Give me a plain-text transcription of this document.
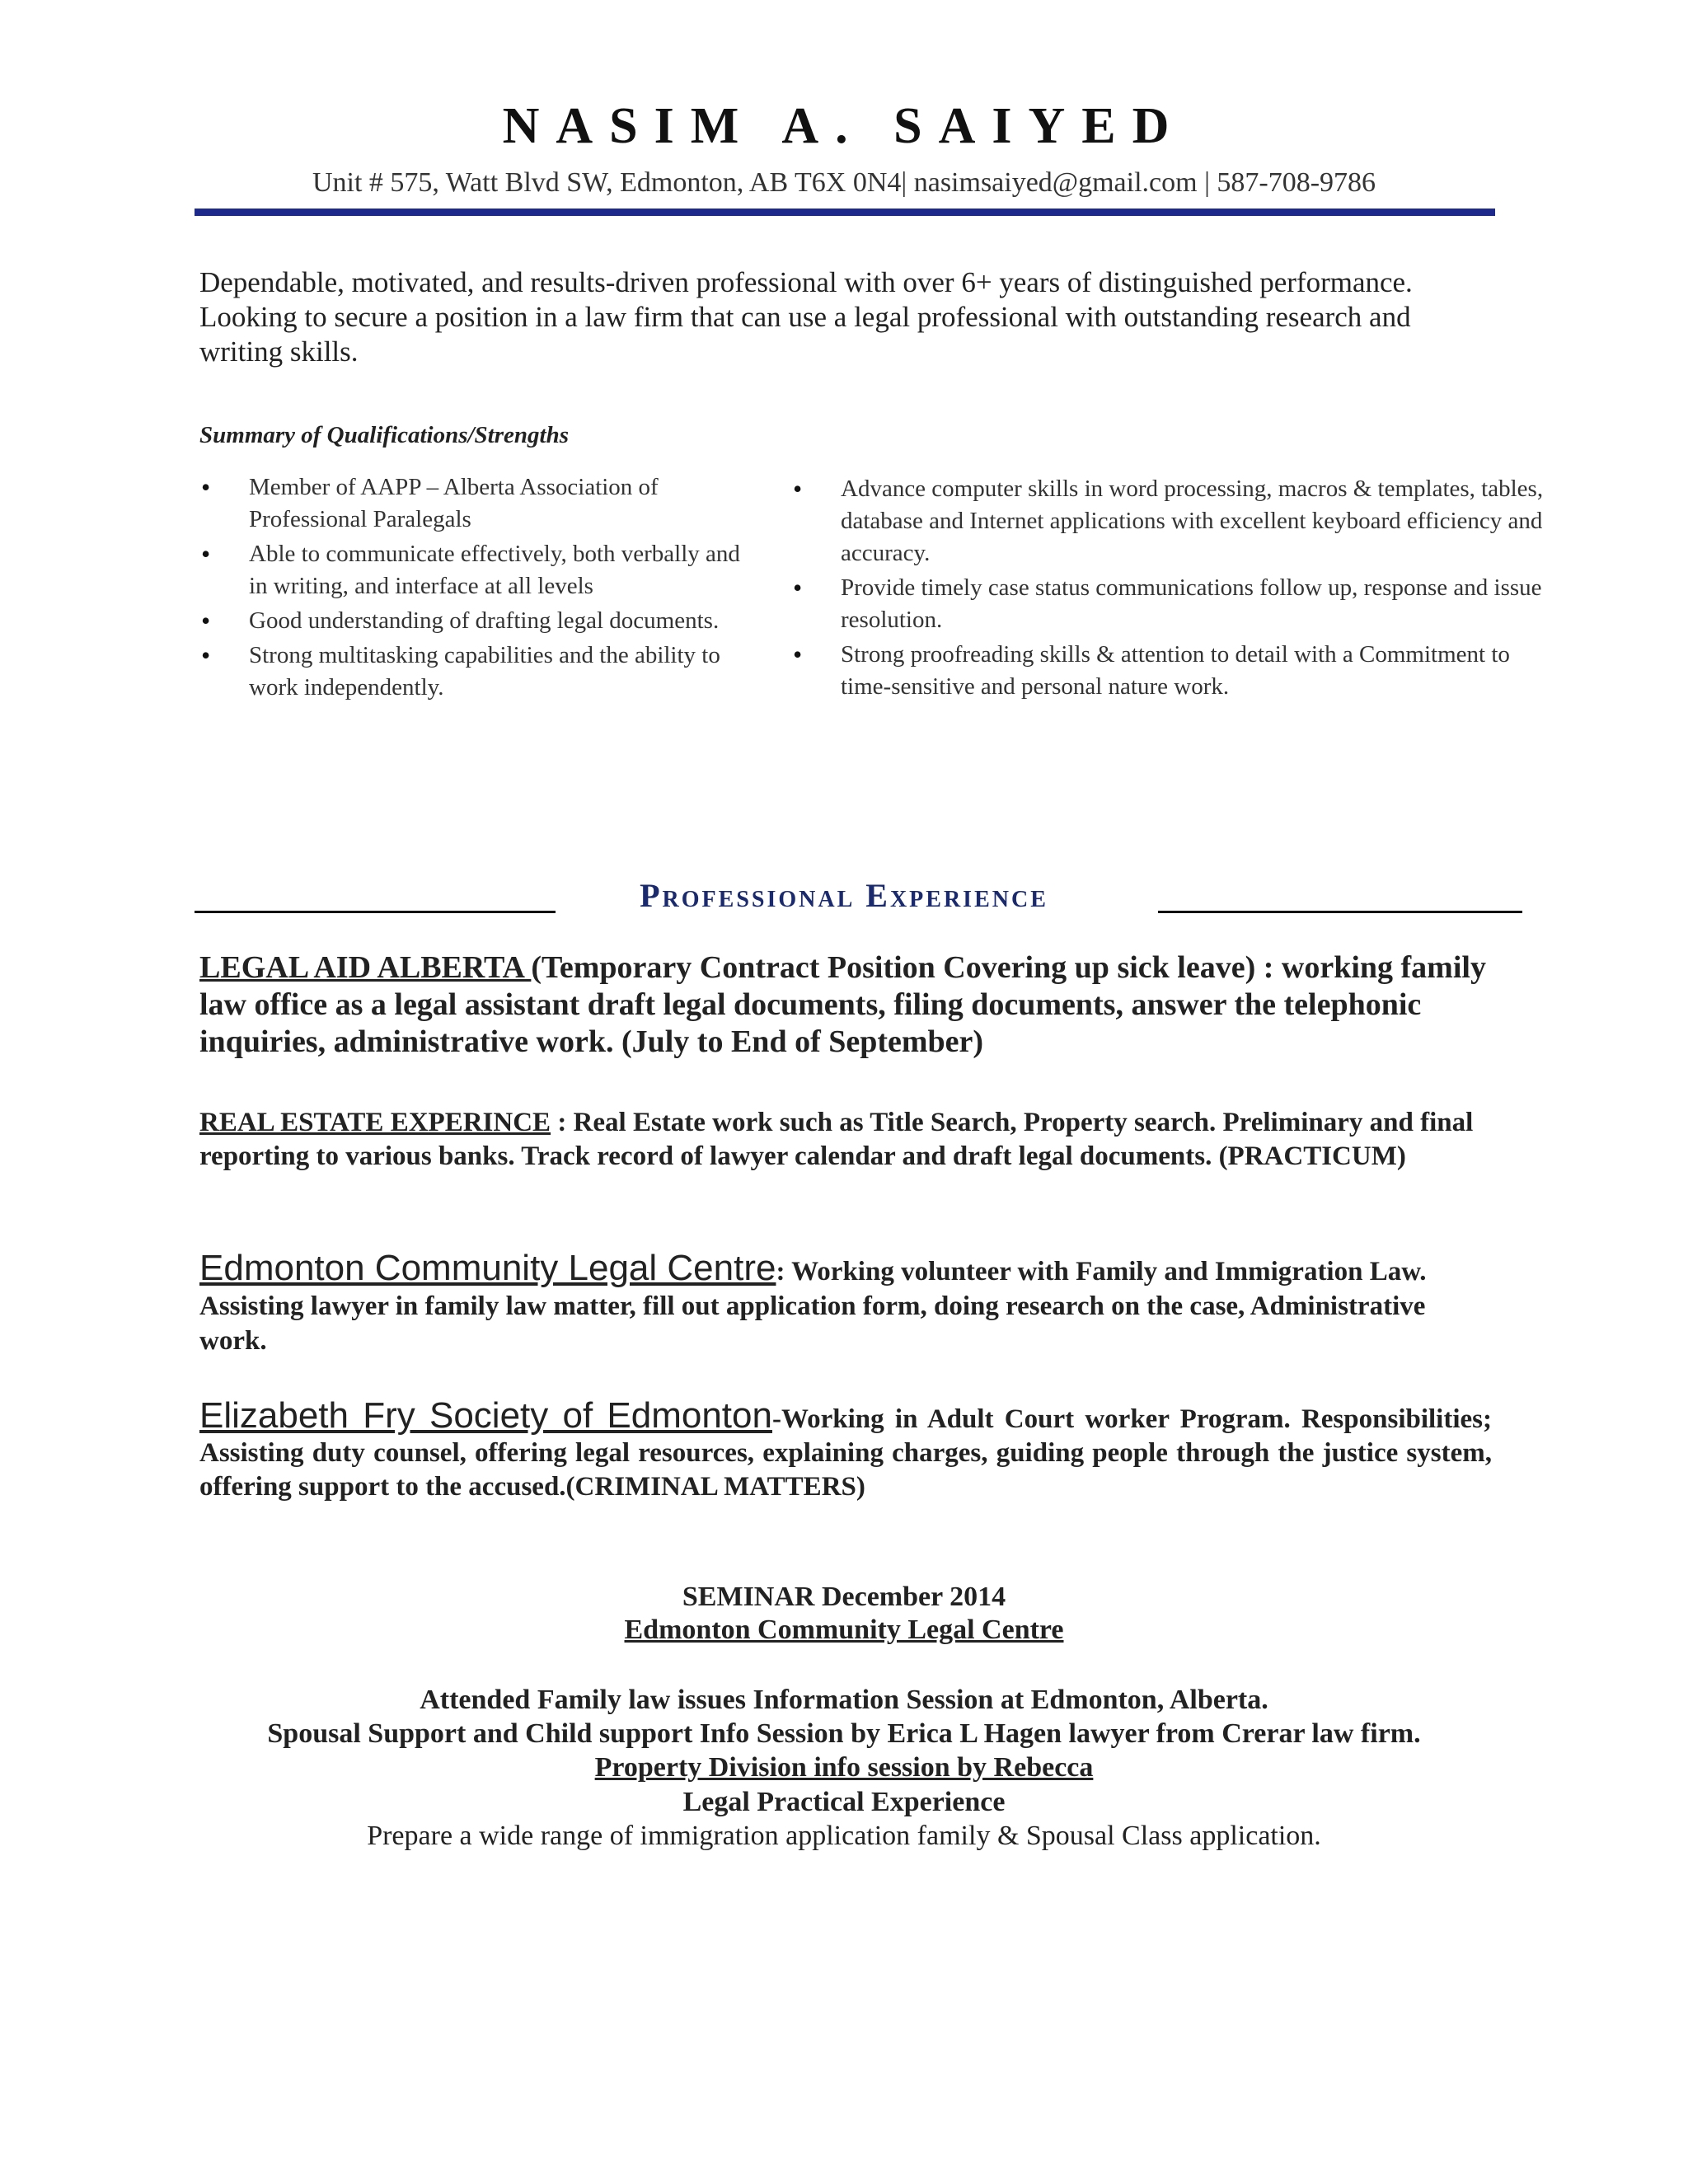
NASIM A. SAIYED
Unit # 575, Watt Blvd SW, Edmonton, AB T6X 0N4| nasimsaiyed@gmail.com | 587-708-9786
Dependable, motivated, and results-driven professional with over 6+ years of distinguished performance. Looking to secure a position in a law firm that can use a legal professional with outstanding research and writing skills.
Summary of Qualifications/Strengths
• Member of AAPP – Alberta Association of Professional Paralegals
• Able to communicate effectively, both verbally and in writing, and interface at all levels
• Good understanding of drafting legal documents.
• Strong multitasking capabilities and the ability to work independently.
• Advance computer skills in word processing, macros & templates, tables, database and Internet applications with excellent keyboard efficiency and accuracy.
• Provide timely case status communications follow up, response and issue resolution.
• Strong proofreading skills & attention to detail with a Commitment to time-sensitive and personal nature work.
Professional Experience
LEGAL AID ALBERTA (Temporary Contract Position Covering up sick leave) : working family law office as a legal assistant draft legal documents, filing documents, answer the telephonic inquiries, administrative work. (July to End of September)
REAL ESTATE EXPERINCE : Real Estate work such as Title Search, Property search. Preliminary and final reporting to various banks. Track record of lawyer calendar and draft legal documents. (PRACTICUM)
Edmonton Community Legal Centre: Working volunteer with Family and Immigration Law. Assisting lawyer in family law matter, fill out application form, doing research on the case, Administrative work.
Elizabeth Fry Society of Edmonton-Working in Adult Court worker Program. Responsibilities; Assisting duty counsel, offering legal resources, explaining charges, guiding people through the justice system, offering support to the accused.(CRIMINAL MATTERS)
SEMINAR December 2014
Edmonton Community Legal Centre
Attended Family law issues Information Session at Edmonton, Alberta.
Spousal Support and Child support Info Session by Erica L Hagen lawyer from Crerar law firm.
Property Division info session by Rebecca
Legal Practical Experience
Prepare a wide range of immigration application family & Spousal Class application.
